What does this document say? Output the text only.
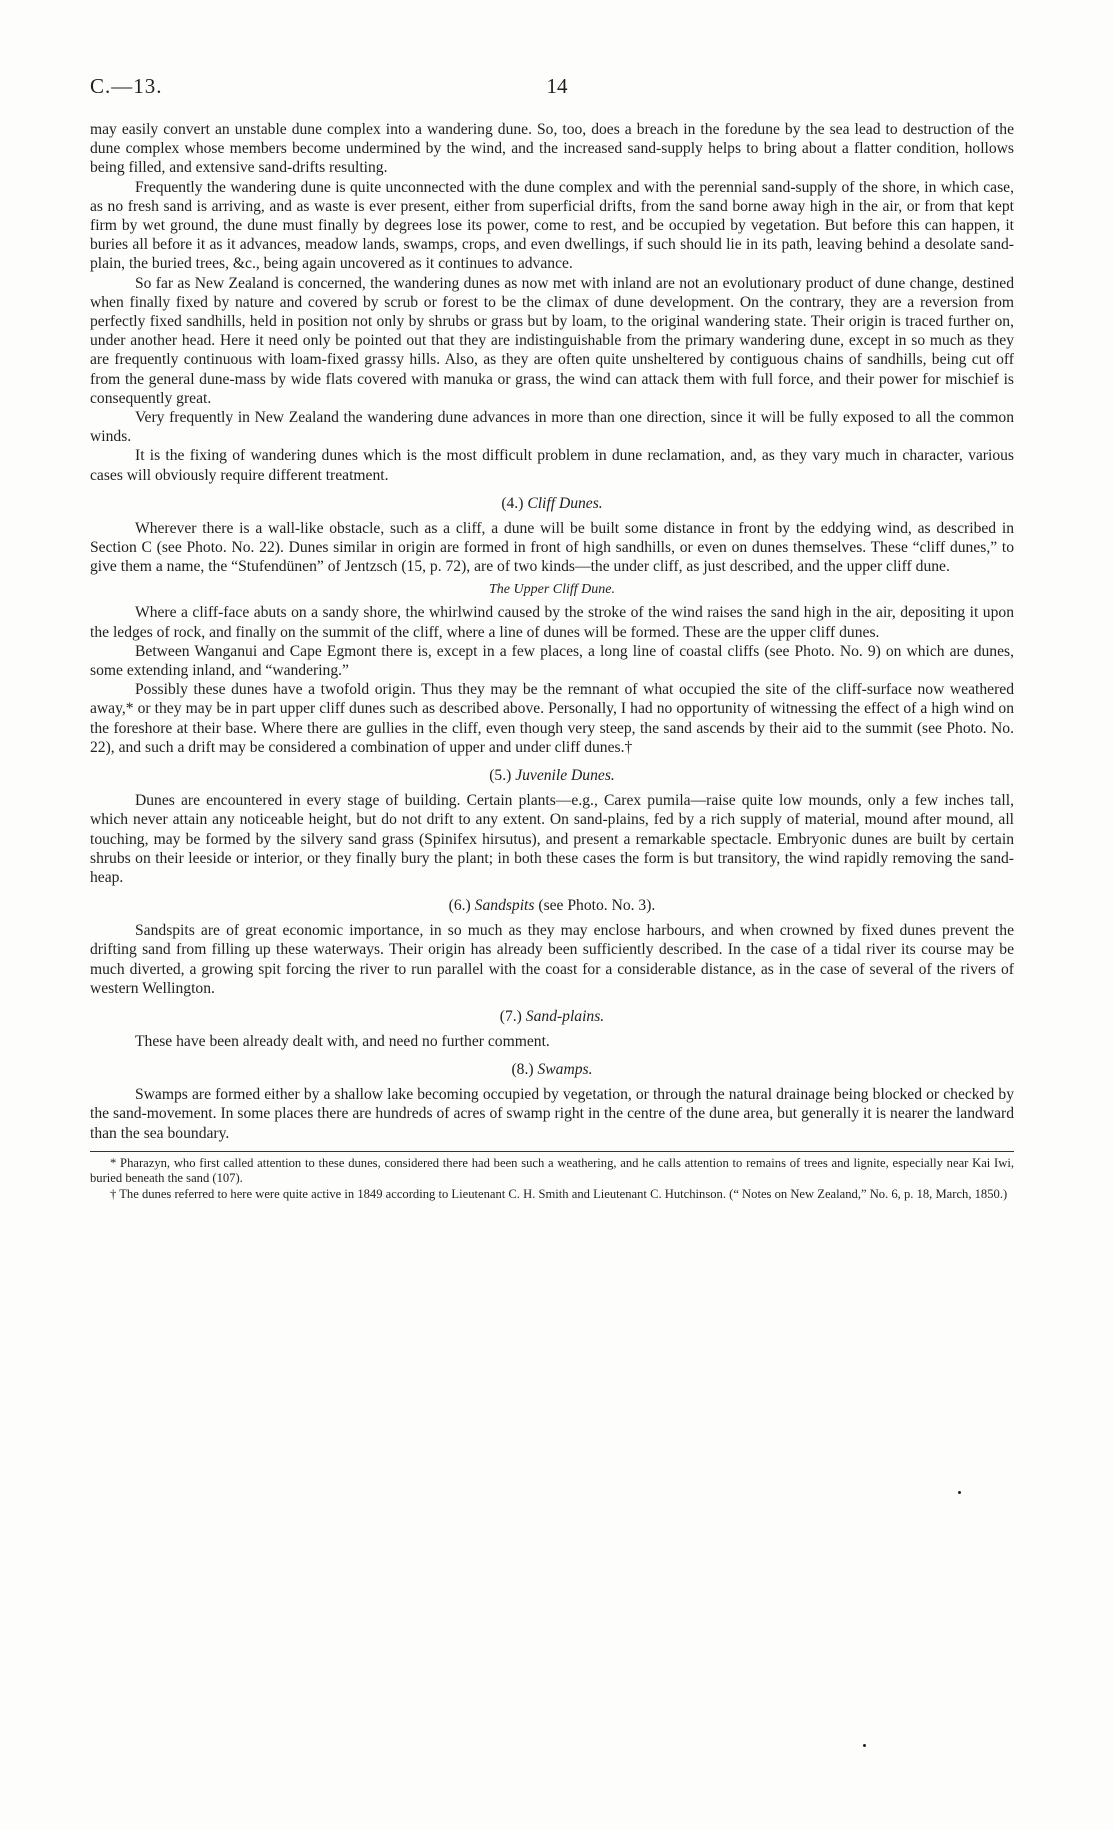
C.—13.	14

may easily convert an unstable dune complex into a wandering dune. So, too, does a breach in the foredune by the sea lead to destruction of the dune complex whose members become undermined by the wind, and the increased sand-supply helps to bring about a flatter condition, hollows being filled, and extensive sand-drifts resulting.

Frequently the wandering dune is quite unconnected with the dune complex and with the perennial sand-supply of the shore, in which case, as no fresh sand is arriving, and as waste is ever present, either from superficial drifts, from the sand borne away high in the air, or from that kept firm by wet ground, the dune must finally by degrees lose its power, come to rest, and be occupied by vegetation. But before this can happen, it buries all before it as it advances, meadow lands, swamps, crops, and even dwellings, if such should lie in its path, leaving behind a desolate sand-plain, the buried trees, &c., being again uncovered as it continues to advance.

So far as New Zealand is concerned, the wandering dunes as now met with inland are not an evolutionary product of dune change, destined when finally fixed by nature and covered by scrub or forest to be the climax of dune development. On the contrary, they are a reversion from perfectly fixed sandhills, held in position not only by shrubs or grass but by loam, to the original wandering state. Their origin is traced further on, under another head. Here it need only be pointed out that they are indistinguishable from the primary wandering dune, except in so much as they are frequently continuous with loam-fixed grassy hills. Also, as they are often quite unsheltered by contiguous chains of sandhills, being cut off from the general dune-mass by wide flats covered with manuka or grass, the wind can attack them with full force, and their power for mischief is consequently great.

Very frequently in New Zealand the wandering dune advances in more than one direction, since it will be fully exposed to all the common winds.

It is the fixing of wandering dunes which is the most difficult problem in dune reclamation, and, as they vary much in character, various cases will obviously require different treatment.

(4.) Cliff Dunes.

Wherever there is a wall-like obstacle, such as a cliff, a dune will be built some distance in front by the eddying wind, as described in Section C (see Photo. No. 22). Dunes similar in origin are formed in front of high sandhills, or even on dunes themselves. These “cliff dunes,” to give them a name, the “Stufendünen” of Jentzsch (15, p. 72), are of two kinds—the under cliff, as just described, and the upper cliff dune.

The Upper Cliff Dune.

Where a cliff-face abuts on a sandy shore, the whirlwind caused by the stroke of the wind raises the sand high in the air, depositing it upon the ledges of rock, and finally on the summit of the cliff, where a line of dunes will be formed. These are the upper cliff dunes.

Between Wanganui and Cape Egmont there is, except in a few places, a long line of coastal cliffs (see Photo. No. 9) on which are dunes, some extending inland, and “wandering.”

Possibly these dunes have a twofold origin. Thus they may be the remnant of what occupied the site of the cliff-surface now weathered away,* or they may be in part upper cliff dunes such as described above. Personally, I had no opportunity of witnessing the effect of a high wind on the foreshore at their base. Where there are gullies in the cliff, even though very steep, the sand ascends by their aid to the summit (see Photo. No. 22), and such a drift may be considered a combination of upper and under cliff dunes.†

(5.) Juvenile Dunes.

Dunes are encountered in every stage of building. Certain plants—e.g., Carex pumila—raise quite low mounds, only a few inches tall, which never attain any noticeable height, but do not drift to any extent. On sand-plains, fed by a rich supply of material, mound after mound, all touching, may be formed by the silvery sand grass (Spinifex hirsutus), and present a remarkable spectacle. Embryonic dunes are built by certain shrubs on their leeside or interior, or they finally bury the plant; in both these cases the form is but transitory, the wind rapidly removing the sand-heap.

(6.) Sandspits (see Photo. No. 3).

Sandspits are of great economic importance, in so much as they may enclose harbours, and when crowned by fixed dunes prevent the drifting sand from filling up these waterways. Their origin has already been sufficiently described. In the case of a tidal river its course may be much diverted, a growing spit forcing the river to run parallel with the coast for a considerable distance, as in the case of several of the rivers of western Wellington.

(7.) Sand-plains.

These have been already dealt with, and need no further comment.

(8.) Swamps.

Swamps are formed either by a shallow lake becoming occupied by vegetation, or through the natural drainage being blocked or checked by the sand-movement. In some places there are hundreds of acres of swamp right in the centre of the dune area, but generally it is nearer the landward than the sea boundary.

* Pharazyn, who first called attention to these dunes, considered there had been such a weathering, and he calls attention to remains of trees and lignite, especially near Kai Iwi, buried beneath the sand (107).

† The dunes referred to here were quite active in 1849 according to Lieutenant C. H. Smith and Lieutenant C. Hutchinson. (“ Notes on New Zealand,” No. 6, p. 18, March, 1850.)
